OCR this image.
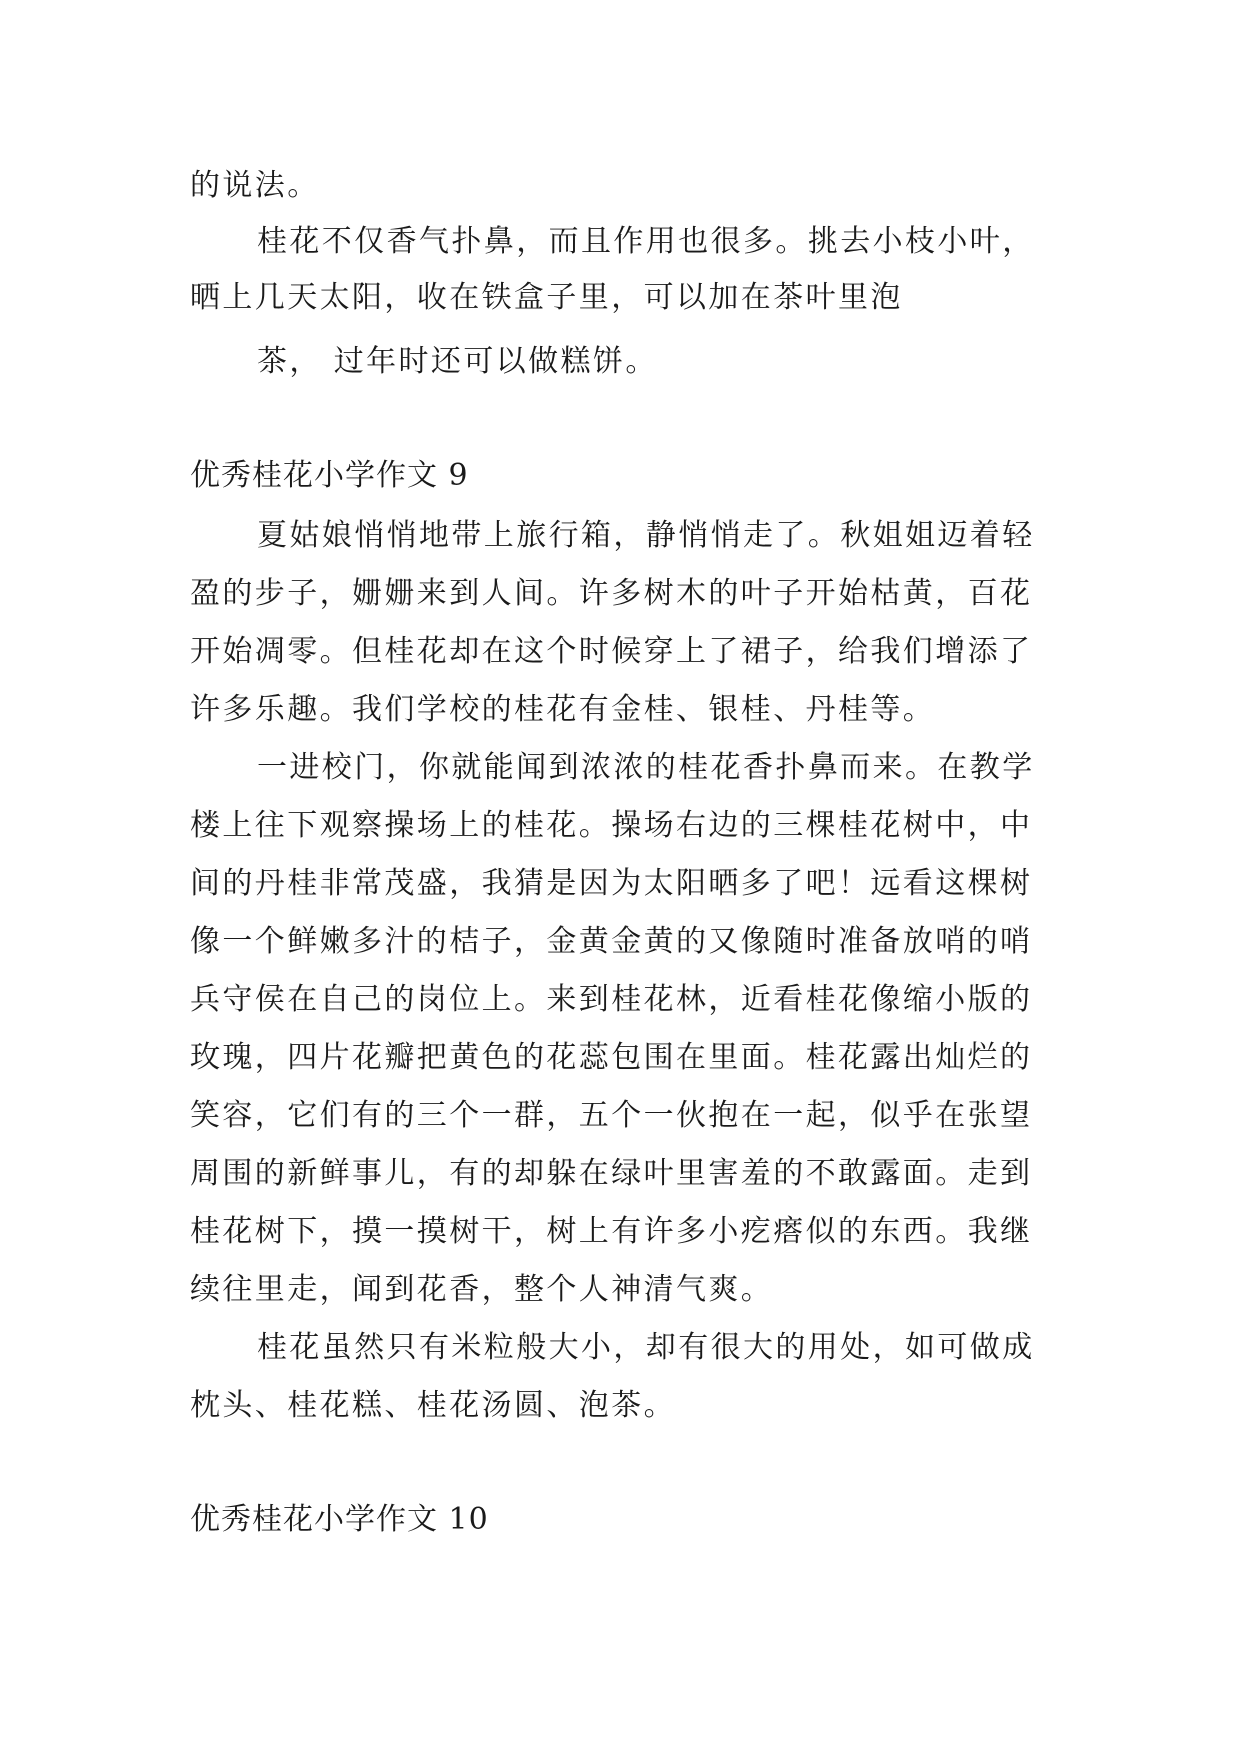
的说法。
桂花不仅香气扑鼻，而且作用也很多。挑去小枝小叶，
晒上几天太阳，收在铁盒子里，可以加在茶叶里泡
茶， 过年时还可以做糕饼。
优秀桂花小学作文 9
夏姑娘悄悄地带上旅行箱，静悄悄走了。秋姐姐迈着轻
盈的步子，姗姗来到人间。许多树木的叶子开始枯黄，百花
开始凋零。但桂花却在这个时候穿上了裙子，给我们增添了
许多乐趣。我们学校的桂花有金桂、银桂、丹桂等。
一进校门，你就能闻到浓浓的桂花香扑鼻而来。在教学
楼上往下观察操场上的桂花。操场右边的三棵桂花树中，中
间的丹桂非常茂盛，我猜是因为太阳晒多了吧！远看这棵树
像一个鲜嫩多汁的桔子，金黄金黄的又像随时准备放哨的哨
兵守侯在自己的岗位上。来到桂花林，近看桂花像缩小版的
玫瑰，四片花瓣把黄色的花蕊包围在里面。桂花露出灿烂的
笑容，它们有的三个一群，五个一伙抱在一起，似乎在张望
周围的新鲜事儿，有的却躲在绿叶里害羞的不敢露面。走到
桂花树下，摸一摸树干，树上有许多小疙瘩似的东西。我继
续往里走，闻到花香，整个人神清气爽。
桂花虽然只有米粒般大小，却有很大的用处，如可做成
枕头、桂花糕、桂花汤圆、泡茶。
优秀桂花小学作文 10
